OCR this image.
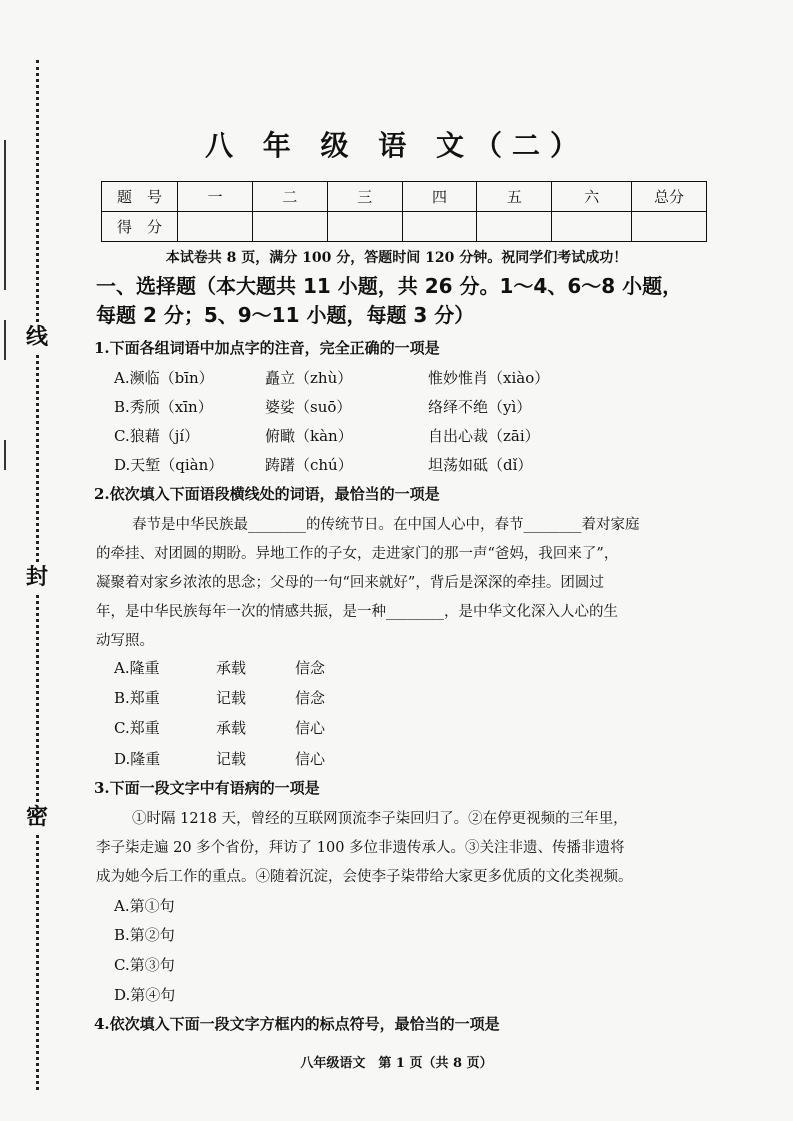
线
封
密
八 年 级 语 文（二）
题　号	一	二	三	四	五	六	总分
得　分							
本试卷共 8 页，满分 100 分，答题时间 120 分钟。祝同学们考试成功！
一、选择题（本大题共 11 小题，共 26 分。1～4、6～8 小题，
每题 2 分；5、9～11 小题，每题 3 分）
1.下面各组词语中加点字的注音，完全正确的一项是
A.濒临（bīn）	矗立（zhù）	惟妙惟肖（xiào）
B.秀颀（xīn）	婆娑（suō）	络绎不绝（yì）
C.狼藉（jí）	俯瞰（kàn）	自出心裁（zāi）
D.天堑（qiàn）	踌躇（chú）	坦荡如砥（dǐ）
2.依次填入下面语段横线处的词语，最恰当的一项是
春节是中华民族最________的传统节日。在中国人心中，春节________着对家庭
的牵挂、对团圆的期盼。异地工作的子女，走进家门的那一声“爸妈，我回来了”，
凝聚着对家乡浓浓的思念；父母的一句“回来就好”，背后是深深的牵挂。团圆过
年，是中华民族每年一次的情感共振，是一种________，是中华文化深入人心的生
动写照。
A.隆重	承载	信念
B.郑重	记载	信念
C.郑重	承载	信心
D.隆重	记载	信心
3.下面一段文字中有语病的一项是
①时隔 1218 天，曾经的互联网顶流李子柒回归了。②在停更视频的三年里，
李子柒走遍 20 多个省份，拜访了 100 多位非遗传承人。③关注非遗、传播非遗将
成为她今后工作的重点。④随着沉淀，会使李子柒带给大家更多优质的文化类视频。
A.第①句
B.第②句
C.第③句
D.第④句
4.依次填入下面一段文字方框内的标点符号，最恰当的一项是
八年级语文　第 1 页（共 8 页）
